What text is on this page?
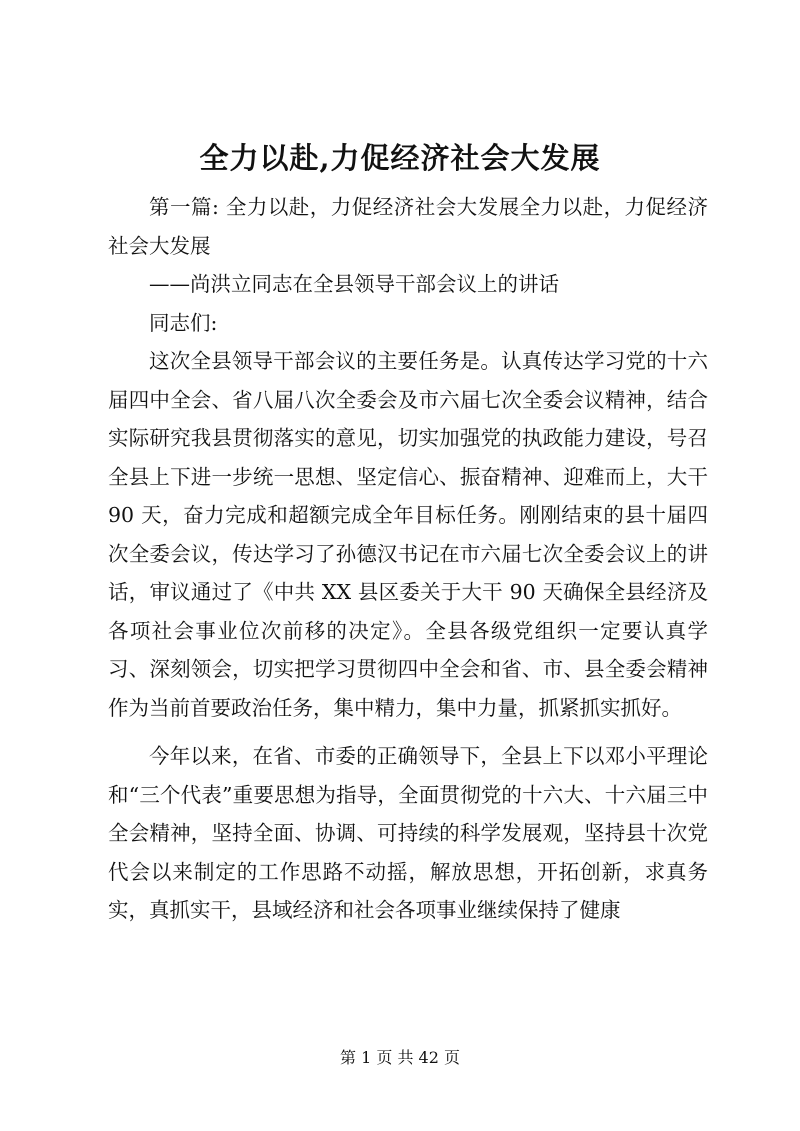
全力以赴,力促经济社会大发展

第一篇: 全力以赴，力促经济社会大发展全力以赴，力促经济社会大发展

——尚洪立同志在全县领导干部会议上的讲话

同志们:

这次全县领导干部会议的主要任务是。认真传达学习党的十六届四中全会、省八届八次全委会及市六届七次全委会议精神，结合实际研究我县贯彻落实的意见，切实加强党的执政能力建设，号召全县上下进一步统一思想、坚定信心、振奋精神、迎难而上，大干 90 天，奋力完成和超额完成全年目标任务。刚刚结束的县十届四次全委会议，传达学习了孙德汉书记在市六届七次全委会议上的讲话，审议通过了《中共 XX 县区委关于大干 90 天确保全县经济及各项社会事业位次前移的决定》。全县各级党组织一定要认真学习、深刻领会，切实把学习贯彻四中全会和省、市、县全委会精神作为当前首要政治任务，集中精力，集中力量，抓紧抓实抓好。

今年以来，在省、市委的正确领导下，全县上下以邓小平理论和“三个代表”重要思想为指导，全面贯彻党的十六大、十六届三中全会精神，坚持全面、协调、可持续的科学发展观，坚持县十次党代会以来制定的工作思路不动摇，解放思想，开拓创新，求真务实，真抓实干，县域经济和社会各项事业继续保持了健康

第 1 页 共 42 页
